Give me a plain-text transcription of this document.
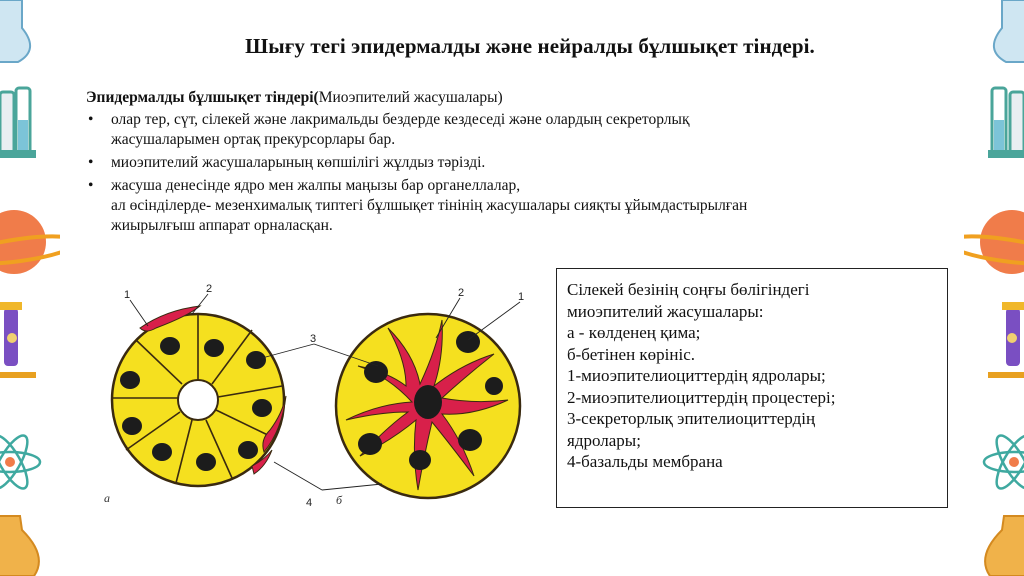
Шығу тегі эпидермалды және нейралды бұлшықет тіндері.
Эпидермалды бұлшықет тіндері(Миоэпителий жасушалары)
• олар тер, сүт, сілекей және лакримальды бездерде кездеседі және олардың секреторлық
жасушаларымен ортақ прекурсорлары бар.
• миоэпителий жасушаларының көпшілігі жұлдыз тәрізді.
• жасуша денесінде ядро мен жалпы маңызы бар органеллалар,
ал өсінділерде- мезенхималық типтегі бұлшықет тінінің жасушалары сияқты ұйымдастырылған
жиырылғыш аппарат орналасқан.
1	2
3
2	1
4
а	б
Сілекей безінің соңғы бөлігіндегі
миоэпителий жасушалары:
а - көлденең қима;
б-бетінен көрініс.
1-миоэпителиоциттердің ядролары;
2-миоэпителиоциттердің процестері;
3-секреторлық эпителиоциттердің
ядролары;
4-базальды мембрана
